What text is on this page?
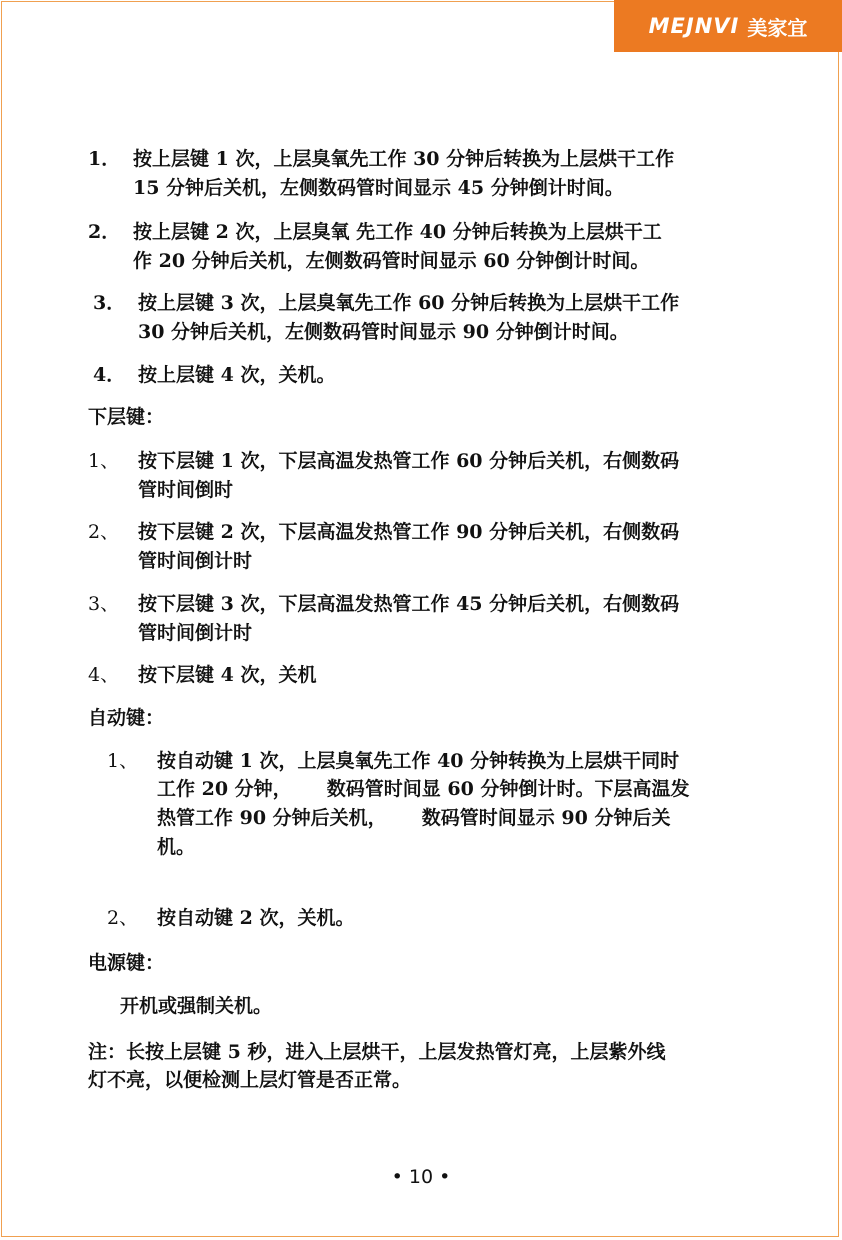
MEJNVI 美家宜
1． 按上层键 1 次，上层臭氧先工作 30 分钟后转换为上层烘干工作
15 分钟后关机，左侧数码管时间显示 45 分钟倒计时间。
2． 按上层键 2 次，上层臭氧 先工作 40 分钟后转换为上层烘干工
作 20 分钟后关机，左侧数码管时间显示 60 分钟倒计时间。
3． 按上层键 3 次，上层臭氧先工作 60 分钟后转换为上层烘干工作
30 分钟后关机，左侧数码管时间显示 90 分钟倒计时间。
4． 按上层键 4 次，关机。
下层键：
1、 按下层键 1 次，下层高温发热管工作 60 分钟后关机，右侧数码
管时间倒时
2、 按下层键 2 次，下层高温发热管工作 90 分钟后关机，右侧数码
管时间倒计时
3、 按下层键 3 次，下层高温发热管工作 45 分钟后关机，右侧数码
管时间倒计时
4、 按下层键 4 次，关机
自动键：
1、 按自动键 1 次，上层臭氧先工作 40 分钟转换为上层烘干同时
工作 20 分钟，　　 数码管时间显 60 分钟倒计时。下层高温发
热管工作 90 分钟后关机，　　 数码管时间显示 90 分钟后关
机。
2、 按自动键 2 次，关机。
电源键：
开机或强制关机。
注：长按上层键 5 秒，进入上层烘干，上层发热管灯亮，上层紫外线
灯不亮，以便检测上层灯管是否正常。
• 10 •
